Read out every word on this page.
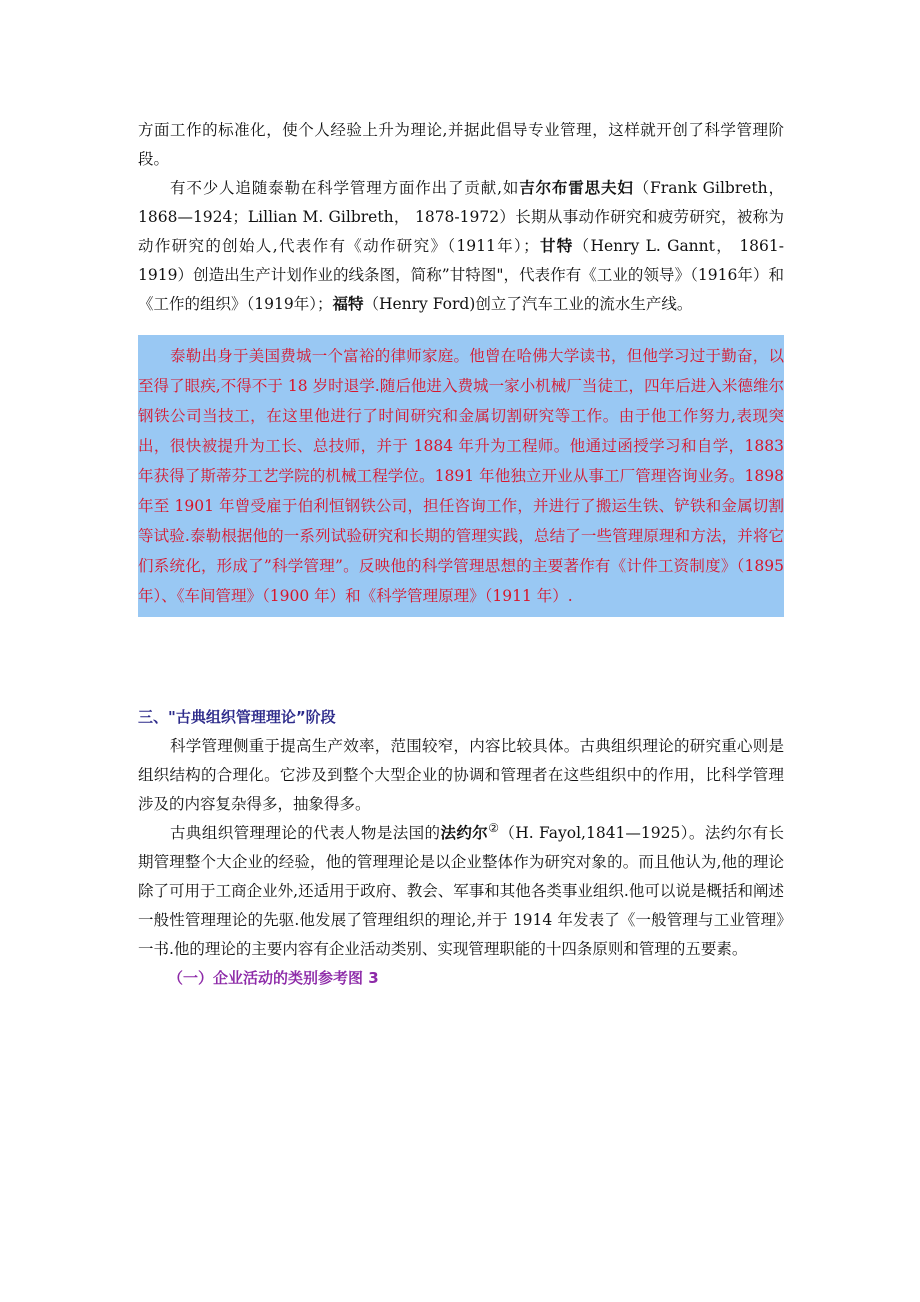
方面工作的标准化，使个人经验上升为理论,并据此倡导专业管理，这样就开创了科学管理阶段。

有不少人追随泰勒在科学管理方面作出了贡献,如吉尔布雷思夫妇（Frank Gilbreth， 1868—1924；Lillian M. Gilbreth， 1878-1972）长期从事动作研究和疲劳研究，被称为动作研究的创始人,代表作有《动作研究》（1911年）；甘特（Henry L. Gannt， 1861-1919）创造出生产计划作业的线条图，简称”甘特图"，代表作有《工业的领导》（1916年）和《工作的组织》（1919年）；福特（Henry Ford)创立了汽车工业的流水生产线。

泰勒出身于美国费城一个富裕的律师家庭。他曾在哈佛大学读书，但他学习过于勤奋，以至得了眼疾,不得不于 18 岁时退学.随后他进入费城一家小机械厂当徒工，四年后进入米德维尔钢铁公司当技工，在这里他进行了时间研究和金属切割研究等工作。由于他工作努力,表现突出，很快被提升为工长、总技师，并于 1884 年升为工程师。他通过函授学习和自学，1883 年获得了斯蒂芬工艺学院的机械工程学位。1891 年他独立开业从事工厂管理咨询业务。1898 年至 1901 年曾受雇于伯利恒钢铁公司，担任咨询工作，并进行了搬运生铁、铲铁和金属切割等试验.泰勒根据他的一系列试验研究和长期的管理实践，总结了一些管理原理和方法，并将它们系统化，形成了”科学管理”。反映他的科学管理思想的主要著作有《计件工资制度》（1895 年）、《车间管理》（1900 年）和《科学管理原理》（1911 年）.

三、"古典组织管理理论”阶段

科学管理侧重于提高生产效率，范围较窄，内容比较具体。古典组织理论的研究重心则是组织结构的合理化。它涉及到整个大型企业的协调和管理者在这些组织中的作用，比科学管理涉及的内容复杂得多，抽象得多。

古典组织管理理论的代表人物是法国的法约尔②（H. Fayol,1841—1925）。法约尔有长期管理整个大企业的经验，他的管理理论是以企业整体作为研究对象的。而且他认为,他的理论除了可用于工商企业外,还适用于政府、教会、军事和其他各类事业组织.他可以说是概括和阐述一般性管理理论的先驱.他发展了管理组织的理论,并于 1914 年发表了《一般管理与工业管理》一书.他的理论的主要内容有企业活动类别、实现管理职能的十四条原则和管理的五要素。

（一）企业活动的类别参考图 3

www.zixin.com.cn
